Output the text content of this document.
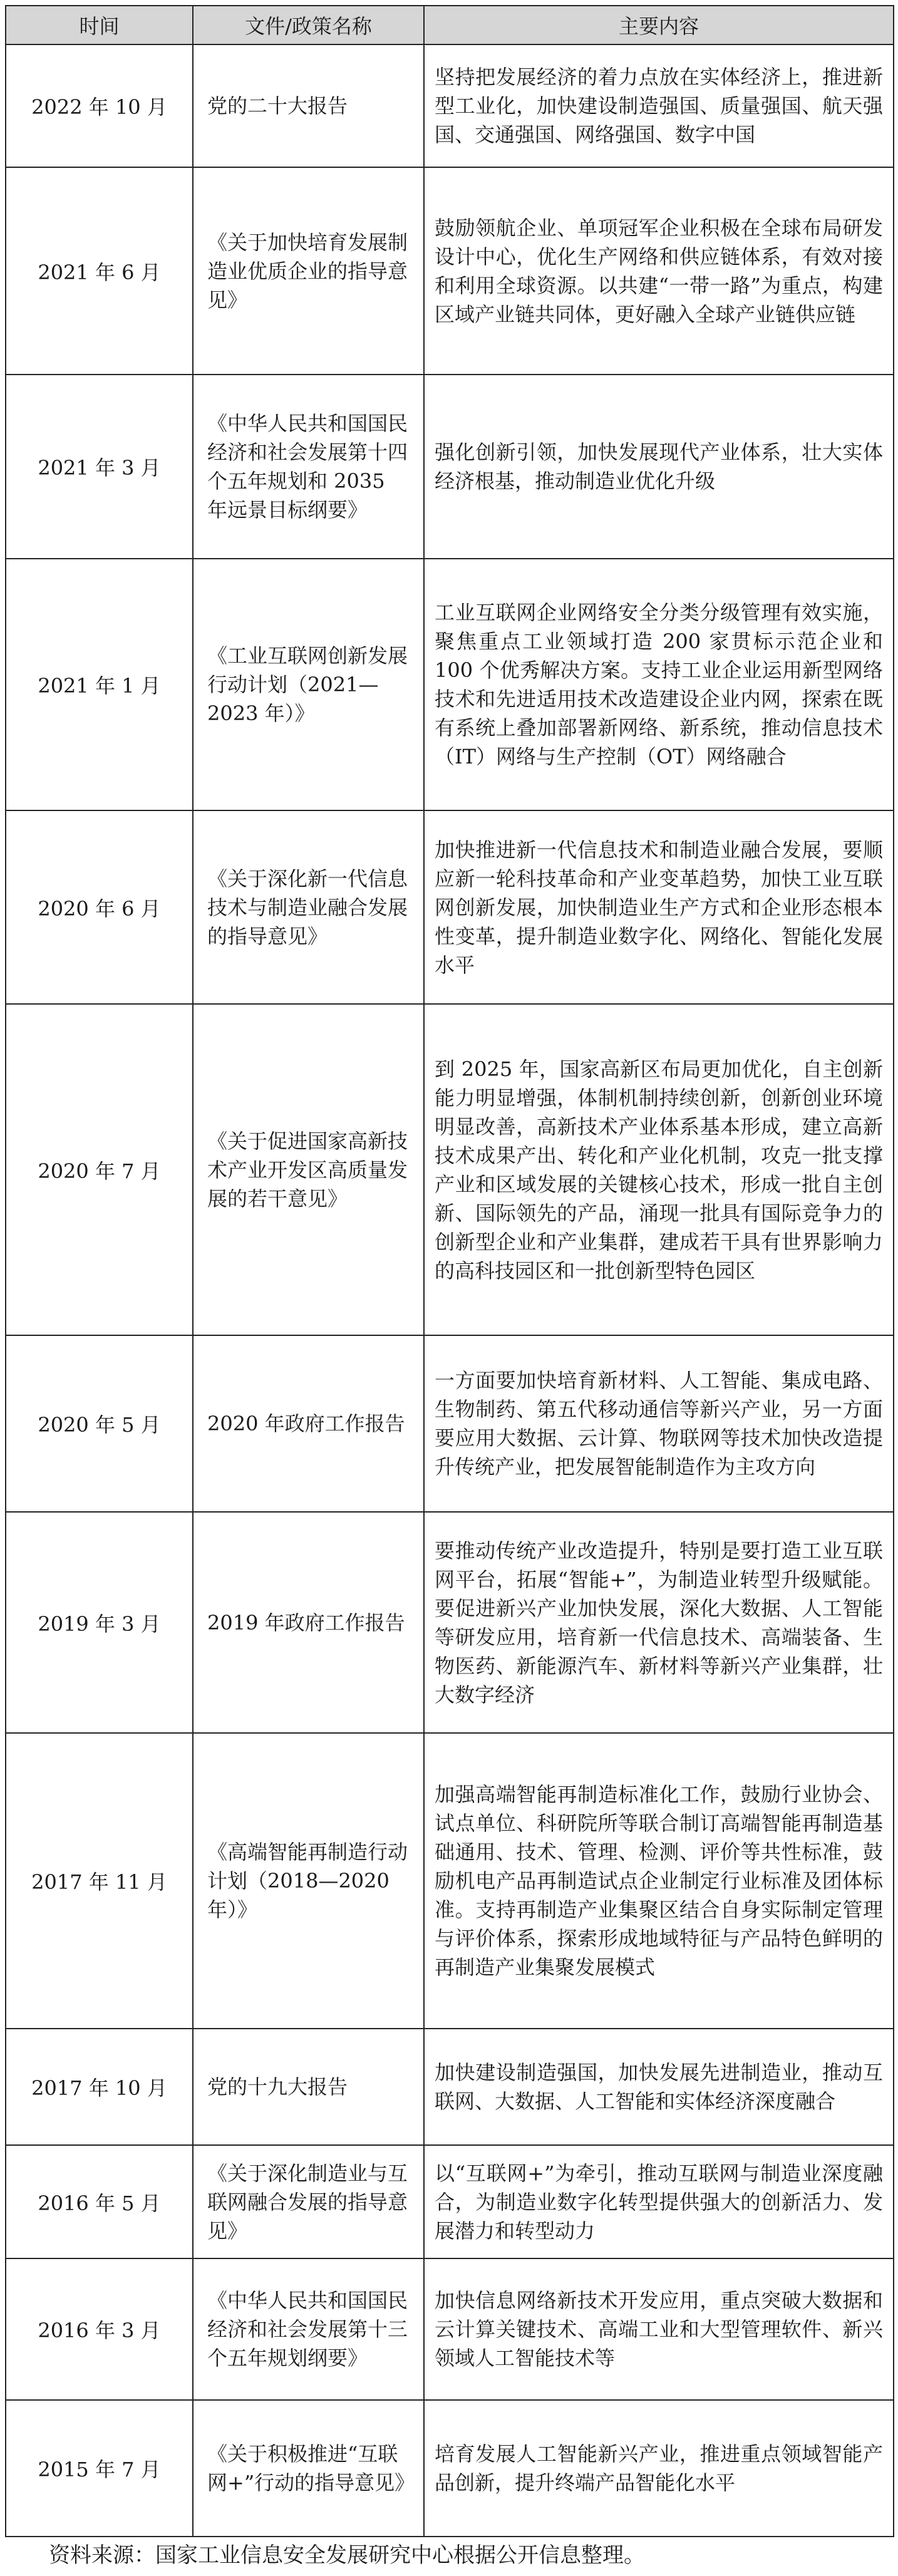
时间	文件/政策名称	主要内容
2022 年 10 月	党的二十大报告	坚持把发展经济的着力点放在实体经济上，推进新型工业化，加快建设制造强国、质量强国、航天强国、交通强国、网络强国、数字中国
2021 年 6 月	《关于加快培育发展制造业优质企业的指导意见》	鼓励领航企业、单项冠军企业积极在全球布局研发设计中心，优化生产网络和供应链体系，有效对接和利用全球资源。以共建“一带一路”为重点，构建区域产业链共同体，更好融入全球产业链供应链
2021 年 3 月	《中华人民共和国国民经济和社会发展第十四个五年规划和 2035 年远景目标纲要》	强化创新引领，加快发展现代产业体系，壮大实体经济根基，推动制造业优化升级
2021 年 1 月	《工业互联网创新发展行动计划（2021—2023 年）》	工业互联网企业网络安全分类分级管理有效实施，聚焦重点工业领域打造 200 家贯标示范企业和 100 个优秀解决方案。支持工业企业运用新型网络技术和先进适用技术改造建设企业内网，探索在既有系统上叠加部署新网络、新系统，推动信息技术（IT）网络与生产控制（OT）网络融合
2020 年 6 月	《关于深化新一代信息技术与制造业融合发展的指导意见》	加快推进新一代信息技术和制造业融合发展，要顺应新一轮科技革命和产业变革趋势，加快工业互联网创新发展，加快制造业生产方式和企业形态根本性变革，提升制造业数字化、网络化、智能化发展水平
2020 年 7 月	《关于促进国家高新技术产业开发区高质量发展的若干意见》	到 2025 年，国家高新区布局更加优化，自主创新能力明显增强，体制机制持续创新，创新创业环境明显改善，高新技术产业体系基本形成，建立高新技术成果产出、转化和产业化机制，攻克一批支撑产业和区域发展的关键核心技术，形成一批自主创新、国际领先的产品，涌现一批具有国际竞争力的创新型企业和产业集群，建成若干具有世界影响力的高科技园区和一批创新型特色园区
2020 年 5 月	2020 年政府工作报告	一方面要加快培育新材料、人工智能、集成电路、生物制药、第五代移动通信等新兴产业，另一方面要应用大数据、云计算、物联网等技术加快改造提升传统产业，把发展智能制造作为主攻方向
2019 年 3 月	2019 年政府工作报告	要推动传统产业改造提升，特别是要打造工业互联网平台，拓展“智能+”，为制造业转型升级赋能。要促进新兴产业加快发展，深化大数据、人工智能等研发应用，培育新一代信息技术、高端装备、生物医药、新能源汽车、新材料等新兴产业集群，壮大数字经济
2017 年 11 月	《高端智能再制造行动计划（2018—2020 年）》	加强高端智能再制造标准化工作，鼓励行业协会、试点单位、科研院所等联合制订高端智能再制造基础通用、技术、管理、检测、评价等共性标准，鼓励机电产品再制造试点企业制定行业标准及团体标准。支持再制造产业集聚区结合自身实际制定管理与评价体系，探索形成地域特征与产品特色鲜明的再制造产业集聚发展模式
2017 年 10 月	党的十九大报告	加快建设制造强国，加快发展先进制造业，推动互联网、大数据、人工智能和实体经济深度融合
2016 年 5 月	《关于深化制造业与互联网融合发展的指导意见》	以“互联网+”为牵引，推动互联网与制造业深度融合，为制造业数字化转型提供强大的创新活力、发展潜力和转型动力
2016 年 3 月	《中华人民共和国国民经济和社会发展第十三个五年规划纲要》	加快信息网络新技术开发应用，重点突破大数据和云计算关键技术、高端工业和大型管理软件、新兴领域人工智能技术等
2015 年 7 月	《关于积极推进“互联网+”行动的指导意见》	培育发展人工智能新兴产业，推进重点领域智能产品创新，提升终端产品智能化水平
资料来源：国家工业信息安全发展研究中心根据公开信息整理。
